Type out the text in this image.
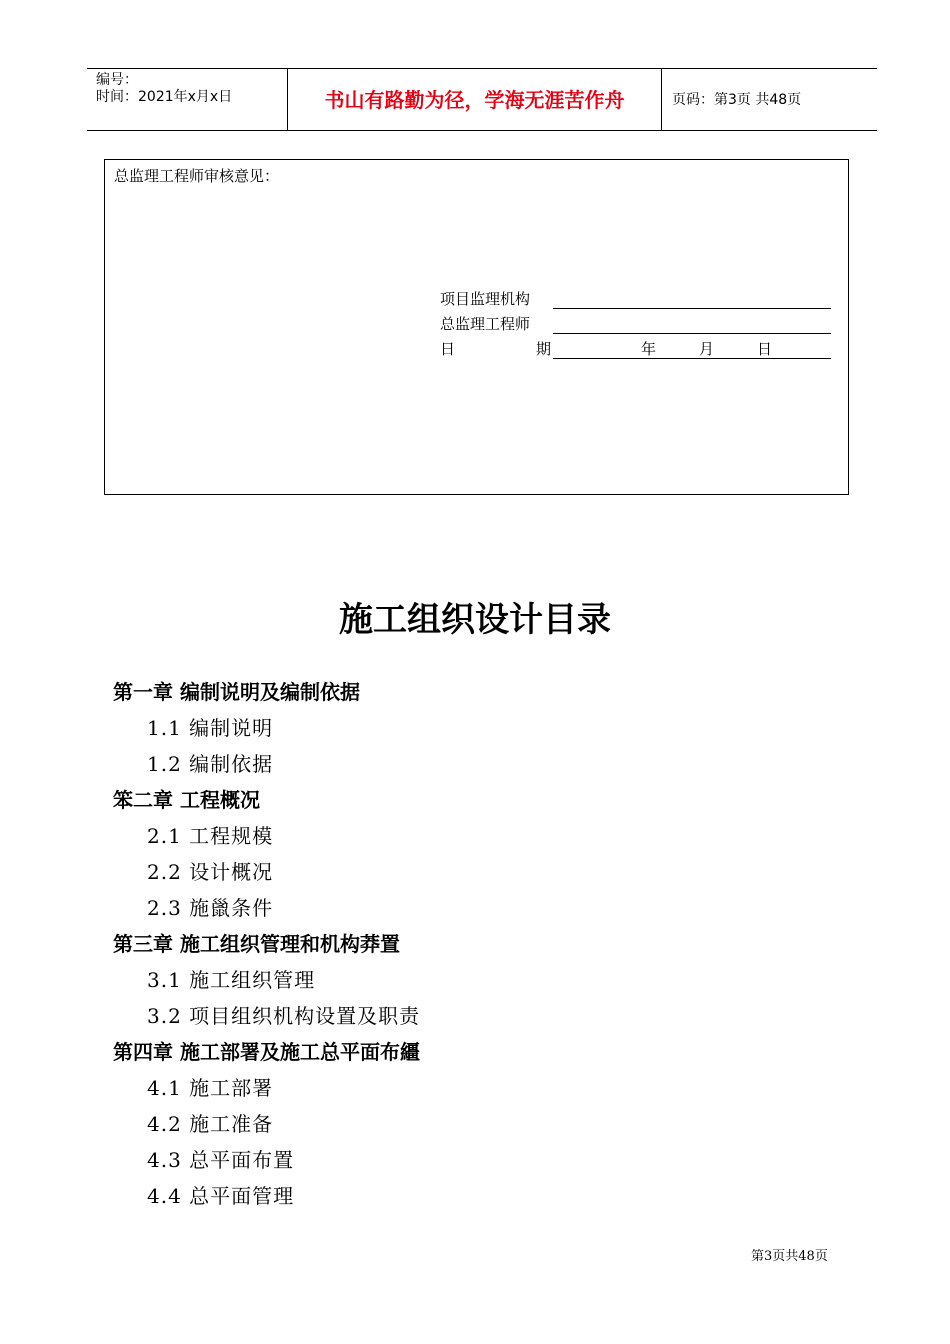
编号：
时间：2021年x月x日	书山有路勤为径，学海无涯苦作舟	页码：第3页 共48页
总监理工程师审核意见：
项目监理机构
总监理工程师
日	期	年	月	日
施工组织设计目录
第一章 编制说明及编制依据
1.1 编制说明
1.2 编制依据
笨二章 工程概况
2.1 工程规模
2.2 设计概况
2.3 施巤条件
第三章 施工组织管理和机构莽置
3.1 施工组织管理
3.2 项目组织机构设置及职责
第四章 施工部署及施工总平面布繮
4.1 施工部署
4.2 施工准备
4.3 总平面布置
4.4 总平面管理
第3页共48页
